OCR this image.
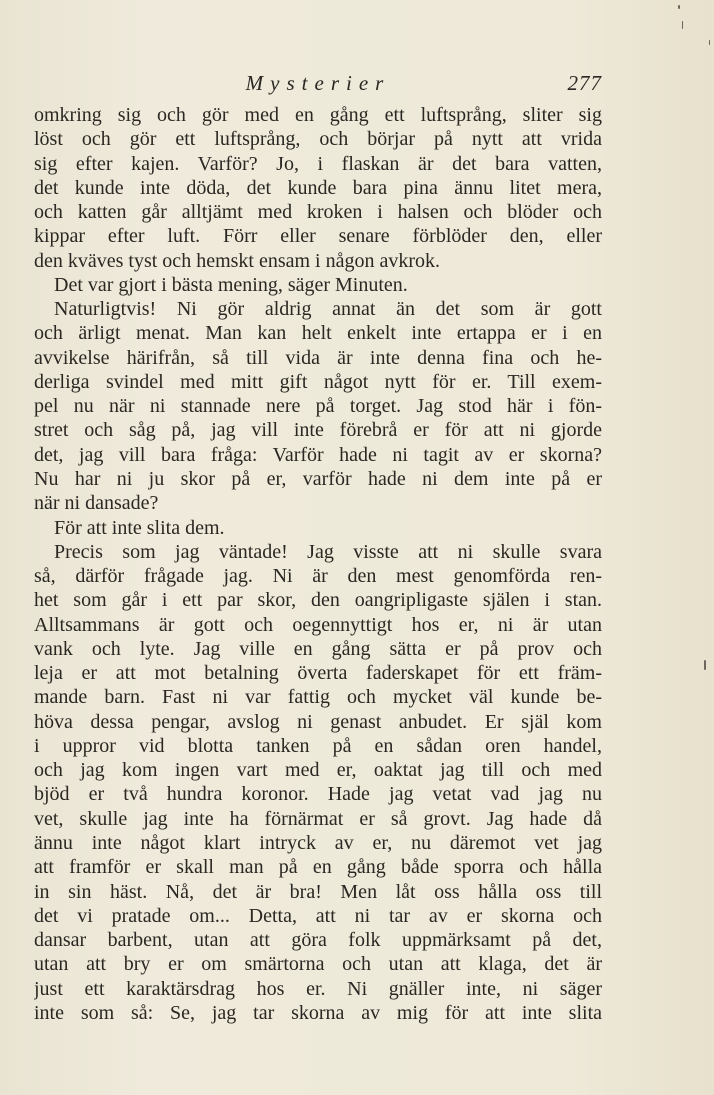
Mysterier	277
omkring sig och gör med en gång ett luftsprång, sliter sig
löst och gör ett luftsprång, och börjar på nytt att vrida
sig efter kajen. Varför? Jo, i flaskan är det bara vatten,
det kunde inte döda, det kunde bara pina ännu litet mera,
och katten går alltjämt med kroken i halsen och blöder och
kippar efter luft. Förr eller senare förblöder den, eller
den kväves tyst och hemskt ensam i någon avkrok.
Det var gjort i bästa mening, säger Minuten.
Naturligtvis! Ni gör aldrig annat än det som är gott
och ärligt menat. Man kan helt enkelt inte ertappa er i en
avvikelse härifrån, så till vida är inte denna fina och he-
derliga svindel med mitt gift något nytt för er. Till exem-
pel nu när ni stannade nere på torget. Jag stod här i fön-
stret och såg på, jag vill inte förebrå er för att ni gjorde
det, jag vill bara fråga: Varför hade ni tagit av er skorna?
Nu har ni ju skor på er, varför hade ni dem inte på er
när ni dansade?
För att inte slita dem.
Precis som jag väntade! Jag visste att ni skulle svara
så, därför frågade jag. Ni är den mest genomförda ren-
het som går i ett par skor, den oangripligaste själen i stan.
Alltsammans är gott och oegennyttigt hos er, ni är utan
vank och lyte. Jag ville en gång sätta er på prov och
leja er att mot betalning överta faderskapet för ett främ-
mande barn. Fast ni var fattig och mycket väl kunde be-
höva dessa pengar, avslog ni genast anbudet. Er själ kom
i uppror vid blotta tanken på en sådan oren handel,
och jag kom ingen vart med er, oaktat jag till och med
bjöd er två hundra koronor. Hade jag vetat vad jag nu
vet, skulle jag inte ha förnärmat er så grovt. Jag hade då
ännu inte något klart intryck av er, nu däremot vet jag
att framför er skall man på en gång både sporra och hålla
in sin häst. Nå, det är bra! Men låt oss hålla oss till
det vi pratade om... Detta, att ni tar av er skorna och
dansar barbent, utan att göra folk uppmärksamt på det,
utan att bry er om smärtorna och utan att klaga, det är
just ett karaktärsdrag hos er. Ni gnäller inte, ni säger
inte som så: Se, jag tar skorna av mig för att inte slita
